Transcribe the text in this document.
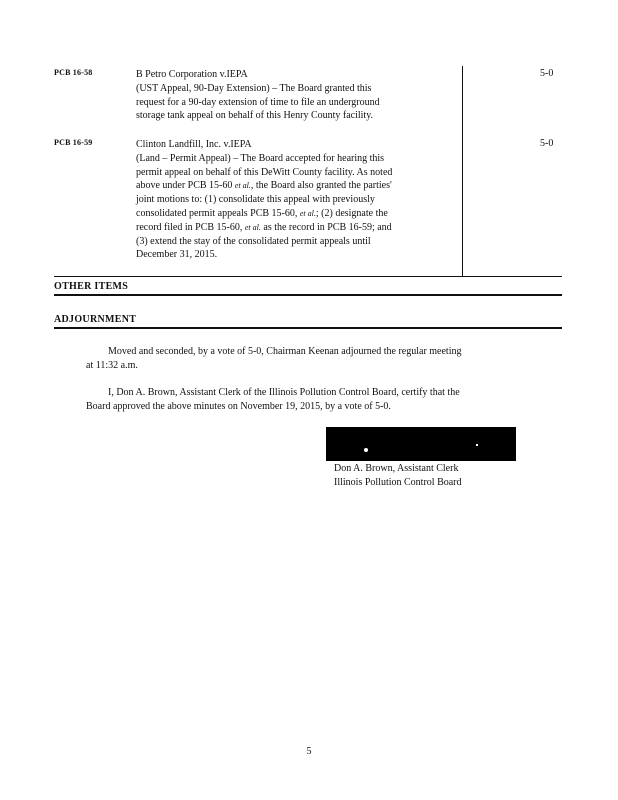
PCB 16-58	B Petro Corporation v.IEPA
(UST Appeal, 90-Day Extension) – The Board granted this
request for a 90-day extension of time to file an underground
storage tank appeal on behalf of this Henry County facility.
5-0
PCB 16-59	Clinton Landfill, Inc. v.IEPA
(Land – Permit Appeal) – The Board accepted for hearing this
permit appeal on behalf of this DeWitt County facility. As noted
above under PCB 15-60 et al., the Board also granted the parties'
joint motions to: (1) consolidate this appeal with previously
consolidated permit appeals PCB 15-60, et al.; (2) designate the
record filed in PCB 15-60, et al. as the record in PCB 16-59; and
(3) extend the stay of the consolidated permit appeals until
December 31, 2015.
5-0
OTHER ITEMS
ADJOURNMENT
Moved and seconded, by a vote of 5-0, Chairman Keenan adjourned the regular meeting
at 11:32 a.m.
I, Don A. Brown, Assistant Clerk of the Illinois Pollution Control Board, certify that the
Board approved the above minutes on November 19, 2015, by a vote of 5-0.
Don A. Brown, Assistant Clerk
Illinois Pollution Control Board
5
